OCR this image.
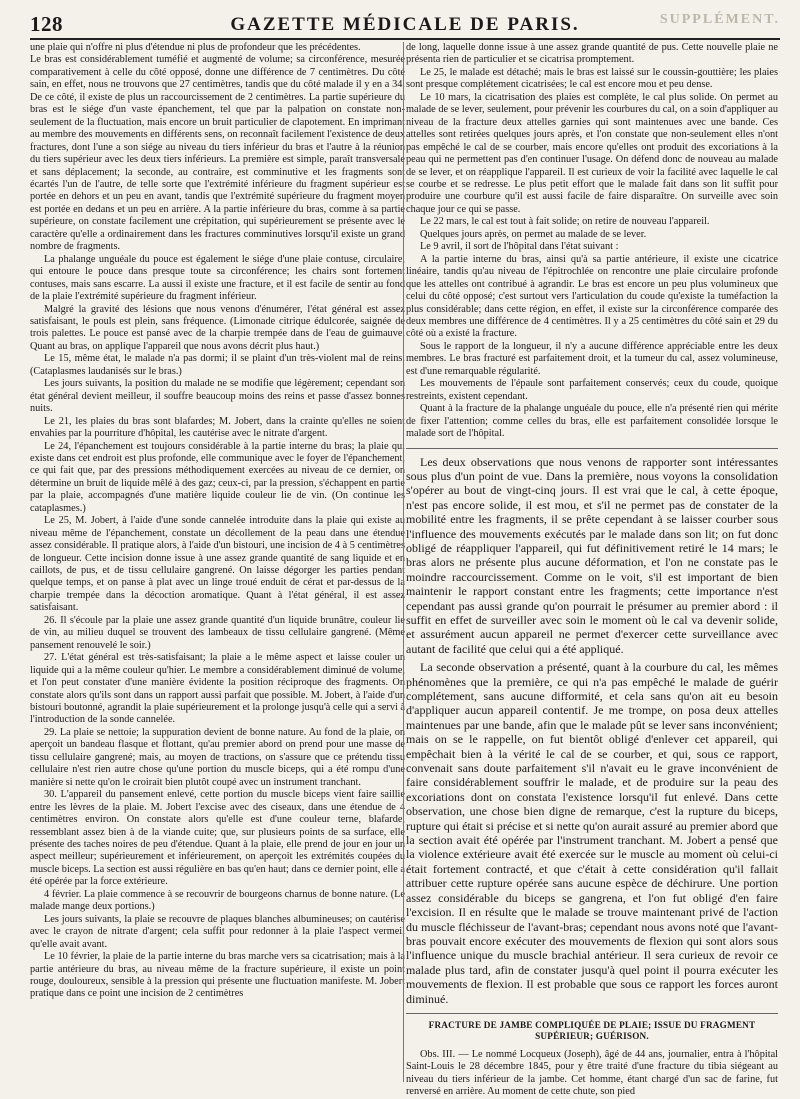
128	GAZETTE MÉDICALE DE PARIS.	SUPPLÉMENT.

une plaie qui n'offre ni plus d'étendue ni plus de profondeur que les précédentes.

Le bras est considérablement tuméfié et augmenté de volume; sa circonférence, mesurée comparativement à celle du côté opposé, donne une différence de 7 centimètres. Du côté sain, en effet, nous ne trouvons que 27 centimètres, tandis que du côté malade il y en a 34. De ce côté, il existe de plus un raccourcissement de 2 centimètres. La partie supérieure du bras est le siége d'un vaste épanchement, tel que par la palpation on constate non-seulement de la fluctuation, mais encore un bruit particulier de clapotement. En imprimant au membre des mouvements en différents sens, on reconnaît facilement l'existence de deux fractures, dont l'une a son siége au niveau du tiers inférieur du bras et l'autre à la réunion du tiers supérieur avec les deux tiers inférieurs. La première est simple, paraît transversale et sans déplacement; la seconde, au contraire, est comminutive et les fragments sont écartés l'un de l'autre, de telle sorte que l'extrémité inférieure du fragment supérieur est portée en dehors et un peu en avant, tandis que l'extrémité supérieure du fragment moyen est portée en dedans et un peu en arrière. A la partie inférieure du bras, comme à sa partie supérieure, on constate facilement une crépitation, qui supérieurement se présente avec le caractère qu'elle a ordinairement dans les fractures comminutives lorsqu'il existe un grand nombre de fragments.

La phalange unguéale du pouce est également le siége d'une plaie contuse, circulaire, qui entoure le pouce dans presque toute sa circonférence; les chairs sont fortement contuses, mais sans escarre. La aussi il existe une fracture, et il est facile de sentir au fond de la plaie l'extrémité supérieure du fragment inférieur.

Malgré la gravité des lésions que nous venons d'énumérer, l'état général est assez satisfaisant, le pouls est plein, sans fréquence. (Limonade citrique édulcorée, saignée de trois palettes. Le pouce est pansé avec de la charpie trempée dans de l'eau de guimauve. Quant au bras, on applique l'appareil que nous avons décrit plus haut.)

Le 15, même état, le malade n'a pas dormi; il se plaint d'un très-violent mal de reins. (Cataplasmes laudanisés sur le bras.)

Les jours suivants, la position du malade ne se modifie que légèrement; cependant son état général devient meilleur, il souffre beaucoup moins des reins et passe d'assez bonnes nuits.

Le 21, les plaies du bras sont blafardes; M. Jobert, dans la crainte qu'elles ne soient envahies par la pourriture d'hôpital, les cautérise avec le nitrate d'argent.

Le 24, l'épanchement est toujours considérable à la partie interne du bras; la plaie qui existe dans cet endroit est plus profonde, elle communique avec le foyer de l'épanchement, ce qui fait que, par des pressions méthodiquement exercées au niveau de ce dernier, on détermine un bruit de liquide mêlé à des gaz; ceux-ci, par la pression, s'échappent en partie par la plaie, accompagnés d'une matière liquide couleur lie de vin. (On continue les cataplasmes.)

Le 25, M. Jobert, à l'aide d'une sonde cannelée introduite dans la plaie qui existe au niveau même de l'épanchement, constate un décollement de la peau dans une étendue assez considérable. Il pratique alors, à l'aide d'un bistouri, une incision de 4 à 5 centimètres de longueur. Cette incision donne issue à une assez grande quantité de sang liquide et en caillots, de pus, et de tissu cellulaire gangrené. On laisse dégorger les parties pendant quelque temps, et on panse à plat avec un linge troué enduit de cérat et par-dessus de la charpie trempée dans la décoction aromatique. Quant à l'état général, il est assez satisfaisant.

26. Il s'écoule par la plaie une assez grande quantité d'un liquide brunâtre, couleur lie de vin, au milieu duquel se trouvent des lambeaux de tissu cellulaire gangrené. (Même pansement renouvelé le soir.)

27. L'état général est très-satisfaisant; la plaie a le même aspect et laisse couler un liquide qui a la même couleur qu'hier. Le membre a considérablement diminué de volume, et l'on peut constater d'une manière évidente la position réciproque des fragments. On constate alors qu'ils sont dans un rapport aussi parfait que possible. M. Jobert, à l'aide d'un bistouri boutonné, agrandit la plaie supérieurement et la prolonge jusqu'à celle qui a servi à l'introduction de la sonde cannelée.

29. La plaie se nettoie; la suppuration devient de bonne nature. Au fond de la plaie, on aperçoit un bandeau flasque et flottant, qu'au premier abord on prend pour une masse de tissu cellulaire gangrené; mais, au moyen de tractions, on s'assure que ce prétendu tissu cellulaire n'est rien autre chose qu'une portion du muscle biceps, qui a été rompu d'une manière si nette qu'on le croirait bien plutôt coupé avec un instrument tranchant.

30. L'appareil du pansement enlevé, cette portion du muscle biceps vient faire saillie entre les lèvres de la plaie. M. Jobert l'excise avec des ciseaux, dans une étendue de 4 centimètres environ. On constate alors qu'elle est d'une couleur terne, blafarde, ressemblant assez bien à de la viande cuite; que, sur plusieurs points de sa surface, elle présente des taches noires de peu d'étendue. Quant à la plaie, elle prend de jour en jour un aspect meilleur; supérieurement et inférieurement, on aperçoit les extrémités coupées du muscle biceps. La section est aussi régulière en bas qu'en haut; dans ce dernier point, elle a été opérée par la force extérieure.

4 février. La plaie commence à se recouvrir de bourgeons charnus de bonne nature. (Le malade mange deux portions.)

Les jours suivants, la plaie se recouvre de plaques blanches albumineuses; on cautérise avec le crayon de nitrate d'argent; cela suffit pour redonner à la plaie l'aspect vermeil qu'elle avait avant.

Le 10 février, la plaie de la partie interne du bras marche vers sa cicatrisation; mais à la partie antérieure du bras, au niveau même de la fracture supérieure, il existe un point rouge, douloureux, sensible à la pression qui présente une fluctuation manifeste. M. Jobert pratique dans ce point une incision de 2 centimètres

de long, laquelle donne issue à une assez grande quantité de pus. Cette nouvelle plaie ne présenta rien de particulier et se cicatrisa promptement.

Le 25, le malade est détaché; mais le bras est laissé sur le coussin-gouttière; les plaies sont presque complétement cicatrisées; le cal est encore mou et peu dense.

Le 10 mars, la cicatrisation des plaies est complète, le cal plus solide. On permet au malade de se lever, seulement, pour prévenir les courbures du cal, on a soin d'appliquer au niveau de la fracture deux attelles garnies qui sont maintenues avec une bande. Ces attelles sont retirées quelques jours après, et l'on constate que non-seulement elles n'ont pas empêché le cal de se courber, mais encore qu'elles ont produit des excoriations à la peau qui ne permettent pas d'en continuer l'usage. On défend donc de nouveau au malade de se lever, et on réapplique l'appareil. Il est curieux de voir la facilité avec laquelle le cal se courbe et se redresse. Le plus petit effort que le malade fait dans son lit suffit pour produire une courbure qu'il est aussi facile de faire disparaître. On surveille avec soin chaque jour ce qui se passe.

Le 22 mars, le cal est tout à fait solide; on retire de nouveau l'appareil.

Quelques jours après, on permet au malade de se lever.

Le 9 avril, il sort de l'hôpital dans l'état suivant :

A la partie interne du bras, ainsi qu'à sa partie antérieure, il existe une cicatrice linéaire, tandis qu'au niveau de l'épitrochlée on rencontre une plaie circulaire profonde que les attelles ont contribué à agrandir. Le bras est encore un peu plus volumineux que celui du côté opposé; c'est surtout vers l'articulation du coude qu'existe la tuméfaction la plus considérable; dans cette région, en effet, il existe sur la circonférence comparée des deux membres une différence de 4 centimètres. Il y a 25 centimètres du côté sain et 29 du côté où a existé la fracture.

Sous le rapport de la longueur, il n'y a aucune différence appréciable entre les deux membres. Le bras fracturé est parfaitement droit, et la tumeur du cal, assez volumineuse, est d'une remarquable régularité.

Les mouvements de l'épaule sont parfaitement conservés; ceux du coude, quoique restreints, existent cependant.

Quant à la fracture de la phalange unguéale du pouce, elle n'a présenté rien qui mérite de fixer l'attention; comme celles du bras, elle est parfaitement consolidée lorsque le malade sort de l'hôpital.

Les deux observations que nous venons de rapporter sont intéressantes sous plus d'un point de vue. Dans la première, nous voyons la consolidation s'opérer au bout de vingt-cinq jours. Il est vrai que le cal, à cette époque, n'est pas encore solide, il est mou, et s'il ne permet pas de constater de la mobilité entre les fragments, il se prête cependant à se laisser courber sous l'influence des mouvements exécutés par le malade dans son lit; on fut donc obligé de réappliquer l'appareil, qui fut définitivement retiré le 14 mars; le bras alors ne présente plus aucune déformation, et l'on ne constate pas le moindre raccourcissement. Comme on le voit, s'il est important de bien maintenir le rapport constant entre les fragments; cette importance n'est cependant pas aussi grande qu'on pourrait le présumer au premier abord : il suffit en effet de surveiller avec soin le moment où le cal va devenir solide, et assurément aucun appareil ne permet d'exercer cette surveillance avec autant de facilité que celui qui a été appliqué.

La seconde observation a présenté, quant à la courbure du cal, les mêmes phénomènes que la première, ce qui n'a pas empêché le malade de guérir complétement, sans aucune difformité, et cela sans qu'on ait eu besoin d'appliquer aucun appareil contentif. Je me trompe, on posa deux attelles maintenues par une bande, afin que le malade pût se lever sans inconvénient; mais on se le rappelle, on fut bientôt obligé d'enlever cet appareil, qui empêchait bien à la vérité le cal de se courber, et qui, sous ce rapport, convenait sans doute parfaitement s'il n'avait eu le grave inconvénient de faire considérablement souffrir le malade, et de produire sur la peau des excoriations dont on constata l'existence lorsqu'il fut enlevé. Dans cette observation, une chose bien digne de remarque, c'est la rupture du biceps, rupture qui était si précise et si nette qu'on aurait assuré au premier abord que la section avait été opérée par l'instrument tranchant. M. Jobert a pensé que la violence extérieure avait été exercée sur le muscle au moment où celui-ci était fortement contracté, et que c'était à cette considération qu'il fallait attribuer cette rupture opérée sans aucune espèce de déchirure. Une portion assez considérable du biceps se gangrena, et l'on fut obligé d'en faire l'excision. Il en résulte que le malade se trouve maintenant privé de l'action du muscle fléchisseur de l'avant-bras; cependant nous avons noté que l'avant-bras pouvait encore exécuter des mouvements de flexion qui sont alors sous l'influence unique du muscle brachial antérieur. Il sera curieux de revoir ce malade plus tard, afin de constater jusqu'à quel point il pourra exécuter les mouvements de flexion. Il est probable que sous ce rapport les forces auront diminué.

FRACTURE DE JAMBE COMPLIQUÉE DE PLAIE; ISSUE DU FRAGMENT SUPÉRIEUR; GUÉRISON.

Obs. III. — Le nommé Locqueux (Joseph), âgé de 44 ans, journalier, entra à l'hôpital Saint-Louis le 28 décembre 1845, pour y être traité d'une fracture du tibia siégeant au niveau du tiers inférieur de la jambe. Cet homme, étant chargé d'un sac de farine, fut renversé en arrière. Au moment de cette chute, son pied
